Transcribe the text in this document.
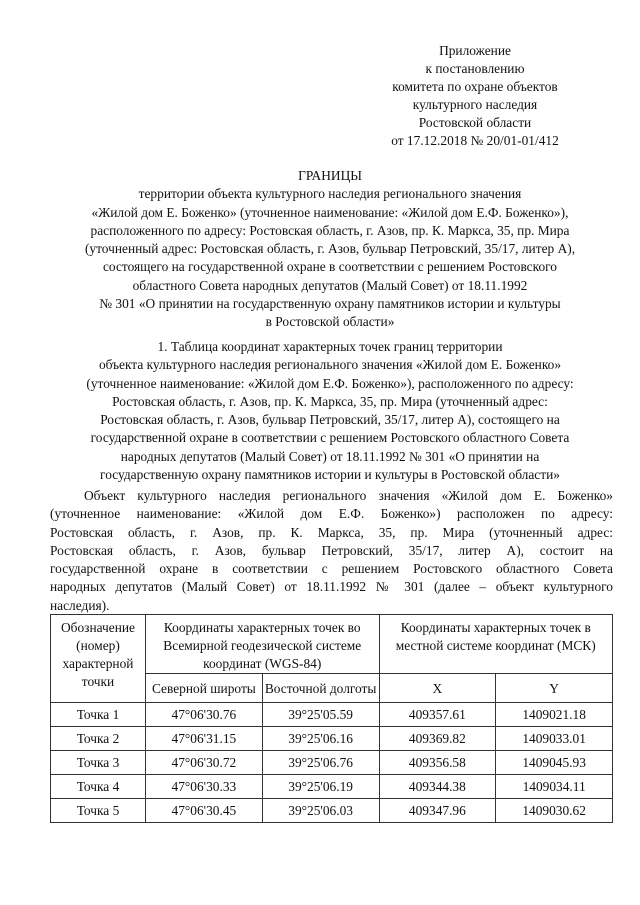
Приложение
к постановлению
комитета по охране объектов
культурного наследия
Ростовской области
от 17.12.2018 № 20/01-01/412
ГРАНИЦЫ
территории объекта культурного наследия регионального значения
«Жилой дом Е. Боженко» (уточненное наименование: «Жилой дом Е.Ф. Боженко»),
расположенного по адресу: Ростовская область, г. Азов, пр. К. Маркса, 35, пр. Мира
(уточненный адрес: Ростовская область, г. Азов, бульвар Петровский, 35/17, литер А),
состоящего на государственной охране в соответствии с решением Ростовского
областного Совета народных депутатов (Малый Совет) от 18.11.1992
№ 301 «О принятии на государственную охрану памятников истории и культуры
в Ростовской области»
1. Таблица координат характерных точек границ территории
объекта культурного наследия регионального значения «Жилой дом Е. Боженко»
(уточненное наименование: «Жилой дом Е.Ф. Боженко»), расположенного по адресу:
Ростовская область, г. Азов, пр. К. Маркса, 35, пр. Мира (уточненный адрес:
Ростовская область, г. Азов, бульвар Петровский, 35/17, литер А), состоящего на
государственной охране в соответствии с решением Ростовского областного Совета
народных депутатов (Малый Совет) от 18.11.1992 № 301 «О принятии на
государственную охрану памятников истории и культуры в Ростовской области»
Объект культурного наследия регионального значения «Жилой дом Е. Боженко»
(уточненное наименование: «Жилой дом Е.Ф. Боженко») расположен по адресу:
Ростовская область, г. Азов, пр. К. Маркса, 35, пр. Мира (уточненный адрес:
Ростовская область, г. Азов, бульвар Петровский, 35/17, литер А), состоит на
государственной охране в соответствии с решением Ростовского областного Совета
народных депутатов (Малый Совет) от 18.11.1992 № 301 (далее – объект культурного
наследия).
Обозначение (номер) характерной точки	Координаты характерных точек во Всемирной геодезической системе координат (WGS-84)		Координаты характерных точек в местной системе координат (МСК)	
	Северной широты	Восточной долготы	X	Y
Точка 1	47°06'30.76	39°25'05.59	409357.61	1409021.18
Точка 2	47°06'31.15	39°25'06.16	409369.82	1409033.01
Точка 3	47°06'30.72	39°25'06.76	409356.58	1409045.93
Точка 4	47°06'30.33	39°25'06.19	409344.38	1409034.11
Точка 5	47°06'30.45	39°25'06.03	409347.96	1409030.62
